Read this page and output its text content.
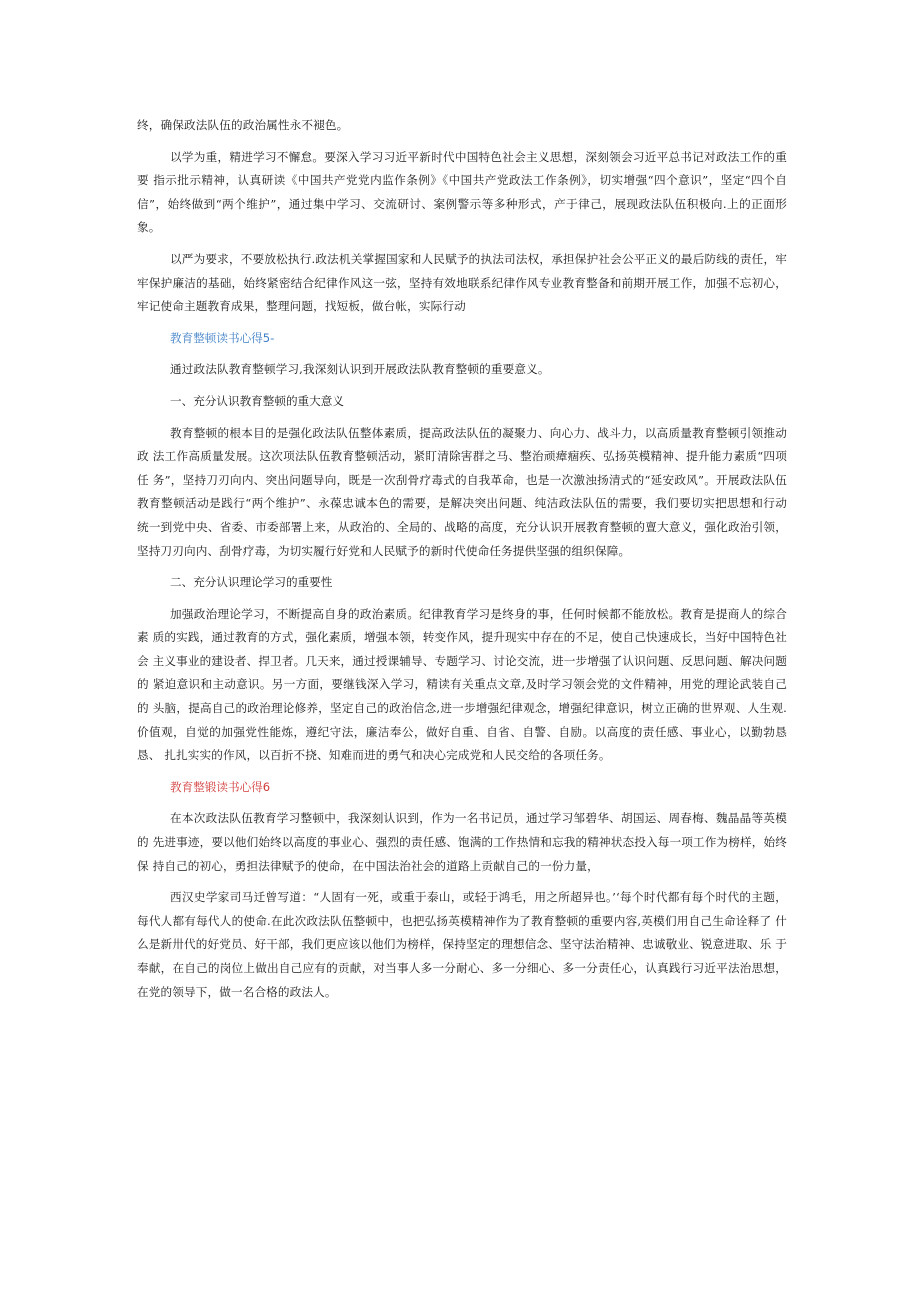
终，确保政法队伍的政治属性永不褪色。

以学为重，精进学习不懈怠。要深入学习习近平新时代中国特色社会主义思想，深刻领会习近平总书记对政法工作的重要 指示批示精神，认真研读《中国共产党党内监作条例》《中国共产党政法工作条例》，切实增强“四个意识”，坚定“四个自 信”，始终做到“两个维护”，通过集中学习、交流研讨、案例警示等多种形式，产于律己，展现政法队伍积极向.上的正面形 象。

以严为要求，不要放松执行.政法机关掌握国家和人民赋予的执法司法权，承担保护社会公平正义的最后防线的责任，牢 牢保护廉洁的基础，始终紧密结合纪律作风这一弦，坚持有效地联系纪律作风专业教育整备和前期开展工作，加强不忘初心， 牢记使命主题教育成果，整理问题，找短板，做台帐，实际行动

教育整顿读书心得5-

通过政法队教育整顿学习,我深刻认识到开展政法队教育整顿的重要意义。

一、充分认识教育整顿的重大意义

教育整顿的根本目的是强化政法队伍整体素质，提高政法队伍的凝聚力、向心力、战斗力，以高质量教育整顿引领推动政 法工作高质量发展。这次项法队伍教育整顿活动，紧盯清除害群之马、整治顽瘴痼疾、弘扬英模精神、提升能力素质“四项任 务”，坚持刀刃向内、突出问题导向，既是一次刮骨疗毒式的自我革命，也是一次激浊扬清式的“延安政风”。开展政法队伍 教育整顿活动是践行“两个维护”、永葆忠诚本色的需要，是解决突出问题、纯洁政法队伍的需要，我们要切实把思想和行动 统一到党中央、省委、市委部署上来，从政治的、全局的、战略的高度，充分认识开展教育整顿的亶大意义，强化政治引领， 坚持刀刃向内、刮骨疗毒，为切实履行好党和人民赋予的新时代使命任务提供坚强的组织保障。

二、充分认识理论学习的重要性

加强政治理论学习，不断提高自身的政治素质。纪律教育学习是终身的事，任何时候都不能放松。教育是提商人的综合素 质的实践，通过教育的方式，强化素质，增强本领，转变作风，提升现实中存在的不足，使自己快速成长，当好中国特色社会 主义事业的建设者、捍卫者。几天来，通过授课辅导、专题学习、讨论交流，进一步增强了认识问题、反思问题、解决问题的 紧迫意识和主动意识。另一方面，要继钱深入学习，精读有关重点文章,及时学习领会党的文件精神，用党的理论武装自己的 头脑，提高自己的政治理论修养，坚定自己的政治信念,进一步增强纪律观念，增强纪律意识，树立正确的世界观、人生观. 价值观，自觉的加强党性能炼，遵纪守法，廉洁奉公，做好自重、自省、自警、自励。以高度的责任感、事业心，以勤勃恳恳、 扎扎实实的作风，以百折不挠、知难而进的勇气和决心完成党和人民交给的各项任务。

教育整锻读书心得6

在本次政法队伍教育学习整顿中，我深刻认识到，作为一名书记员，通过学习邹碧华、胡国运、周春梅、魏晶晶等英模的 先进事迹，要以他们始终以高度的事业心、强烈的责任感、饱满的工作热情和忘我的精神状态投入每一项工作为榜样，始终保 持自己的初心，勇担法律赋予的使命，在中国法治社会的道路上贡献自己的一份力量，

西汉史学家司马迁曾写道：“人固有一死，或重于泰山，或轻于鸿毛，用之所超异也。’‘每个时代都有每个时代的主题， 每代人都有每代人的使命.在此次政法队伍整顿中，也把弘扬英模精神作为了教育整顿的重要内容,英模们用自己生命诠释了 什么是新卅代的好党员、好干部，我们更应该以他们为榜样，保持坚定的理想信念、坚守法治精神、忠诚敬业、锐意进取、乐 于奉献，在自己的岗位上做出自己应有的贡献，对当事人多一分耐心、多一分细心、多一分责任心，认真践行习近平法治思想， 在党的领导下，做一名合格的政法人。
